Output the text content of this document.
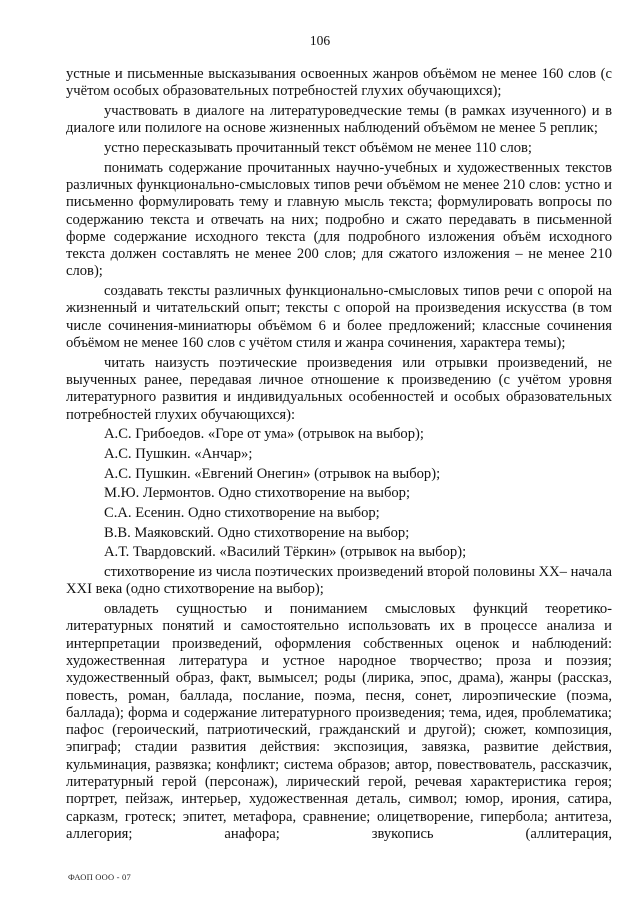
106

устные и письменные высказывания освоенных жанров объёмом не менее 160 слов (с учётом особых образовательных потребностей глухих обучающихся);

участвовать в диалоге на литературоведческие темы (в рамках изученного) и в диалоге или полилоге на основе жизненных наблюдений объёмом не менее 5 реплик;

устно пересказывать прочитанный текст объёмом не менее 110 слов;

понимать содержание прочитанных научно-учебных и художественных текстов различных функционально-смысловых типов речи объёмом не менее 210 слов: устно и письменно формулировать тему и главную мысль текста; формулировать вопросы по содержанию текста и отвечать на них; подробно и сжато передавать в письменной форме содержание исходного текста (для подробного изложения объём исходного текста должен составлять не менее 200 слов; для сжатого изложения – не менее 210 слов);

создавать тексты различных функционально-смысловых типов речи с опорой на жизненный и читательский опыт; тексты с опорой на произведения искусства (в том числе сочинения-миниатюры объёмом 6 и более предложений; классные сочинения объёмом не менее 160 слов с учётом стиля и жанра сочинения, характера темы);

читать наизусть поэтические произведения или отрывки произведений, не выученных ранее, передавая личное отношение к произведению (с учётом уровня литературного развития и индивидуальных особенностей и особых образовательных потребностей глухих обучающихся):

А.С. Грибоедов. «Горе от ума» (отрывок на выбор);

А.С. Пушкин. «Анчар»;

А.С. Пушкин. «Евгений Онегин» (отрывок на выбор);

М.Ю. Лермонтов. Одно стихотворение на выбор;

С.А. Есенин. Одно стихотворение на выбор;

В.В. Маяковский. Одно стихотворение на выбор;

А.Т. Твардовский. «Василий Тёркин» (отрывок на выбор);

стихотворение из числа поэтических произведений второй половины XX– начала XXI века (одно стихотворение на выбор);

овладеть сущностью и пониманием смысловых функций теоретико-литературных понятий и самостоятельно использовать их в процессе анализа и интерпретации произведений, оформления собственных оценок и наблюдений: художественная литература и устное народное творчество; проза и поэзия; художественный образ, факт, вымысел; роды (лирика, эпос, драма), жанры (рассказ, повесть, роман, баллада, послание, поэма, песня, сонет, лироэпические (поэма, баллада); форма и содержание литературного произведения; тема, идея, проблематика; пафос (героический, патриотический, гражданский и другой); сюжет, композиция, эпиграф; стадии развития действия: экспозиция, завязка, развитие действия, кульминация, развязка; конфликт; система образов; автор, повествователь, рассказчик, литературный герой (персонаж), лирический герой, речевая характеристика героя; портрет, пейзаж, интерьер, художественная деталь, символ; юмор, ирония, сатира, сарказм, гротеск; эпитет, метафора, сравнение; олицетворение, гипербола; антитеза, аллегория; анафора; звукопись (аллитерация,

ФАОП ООО - 07
